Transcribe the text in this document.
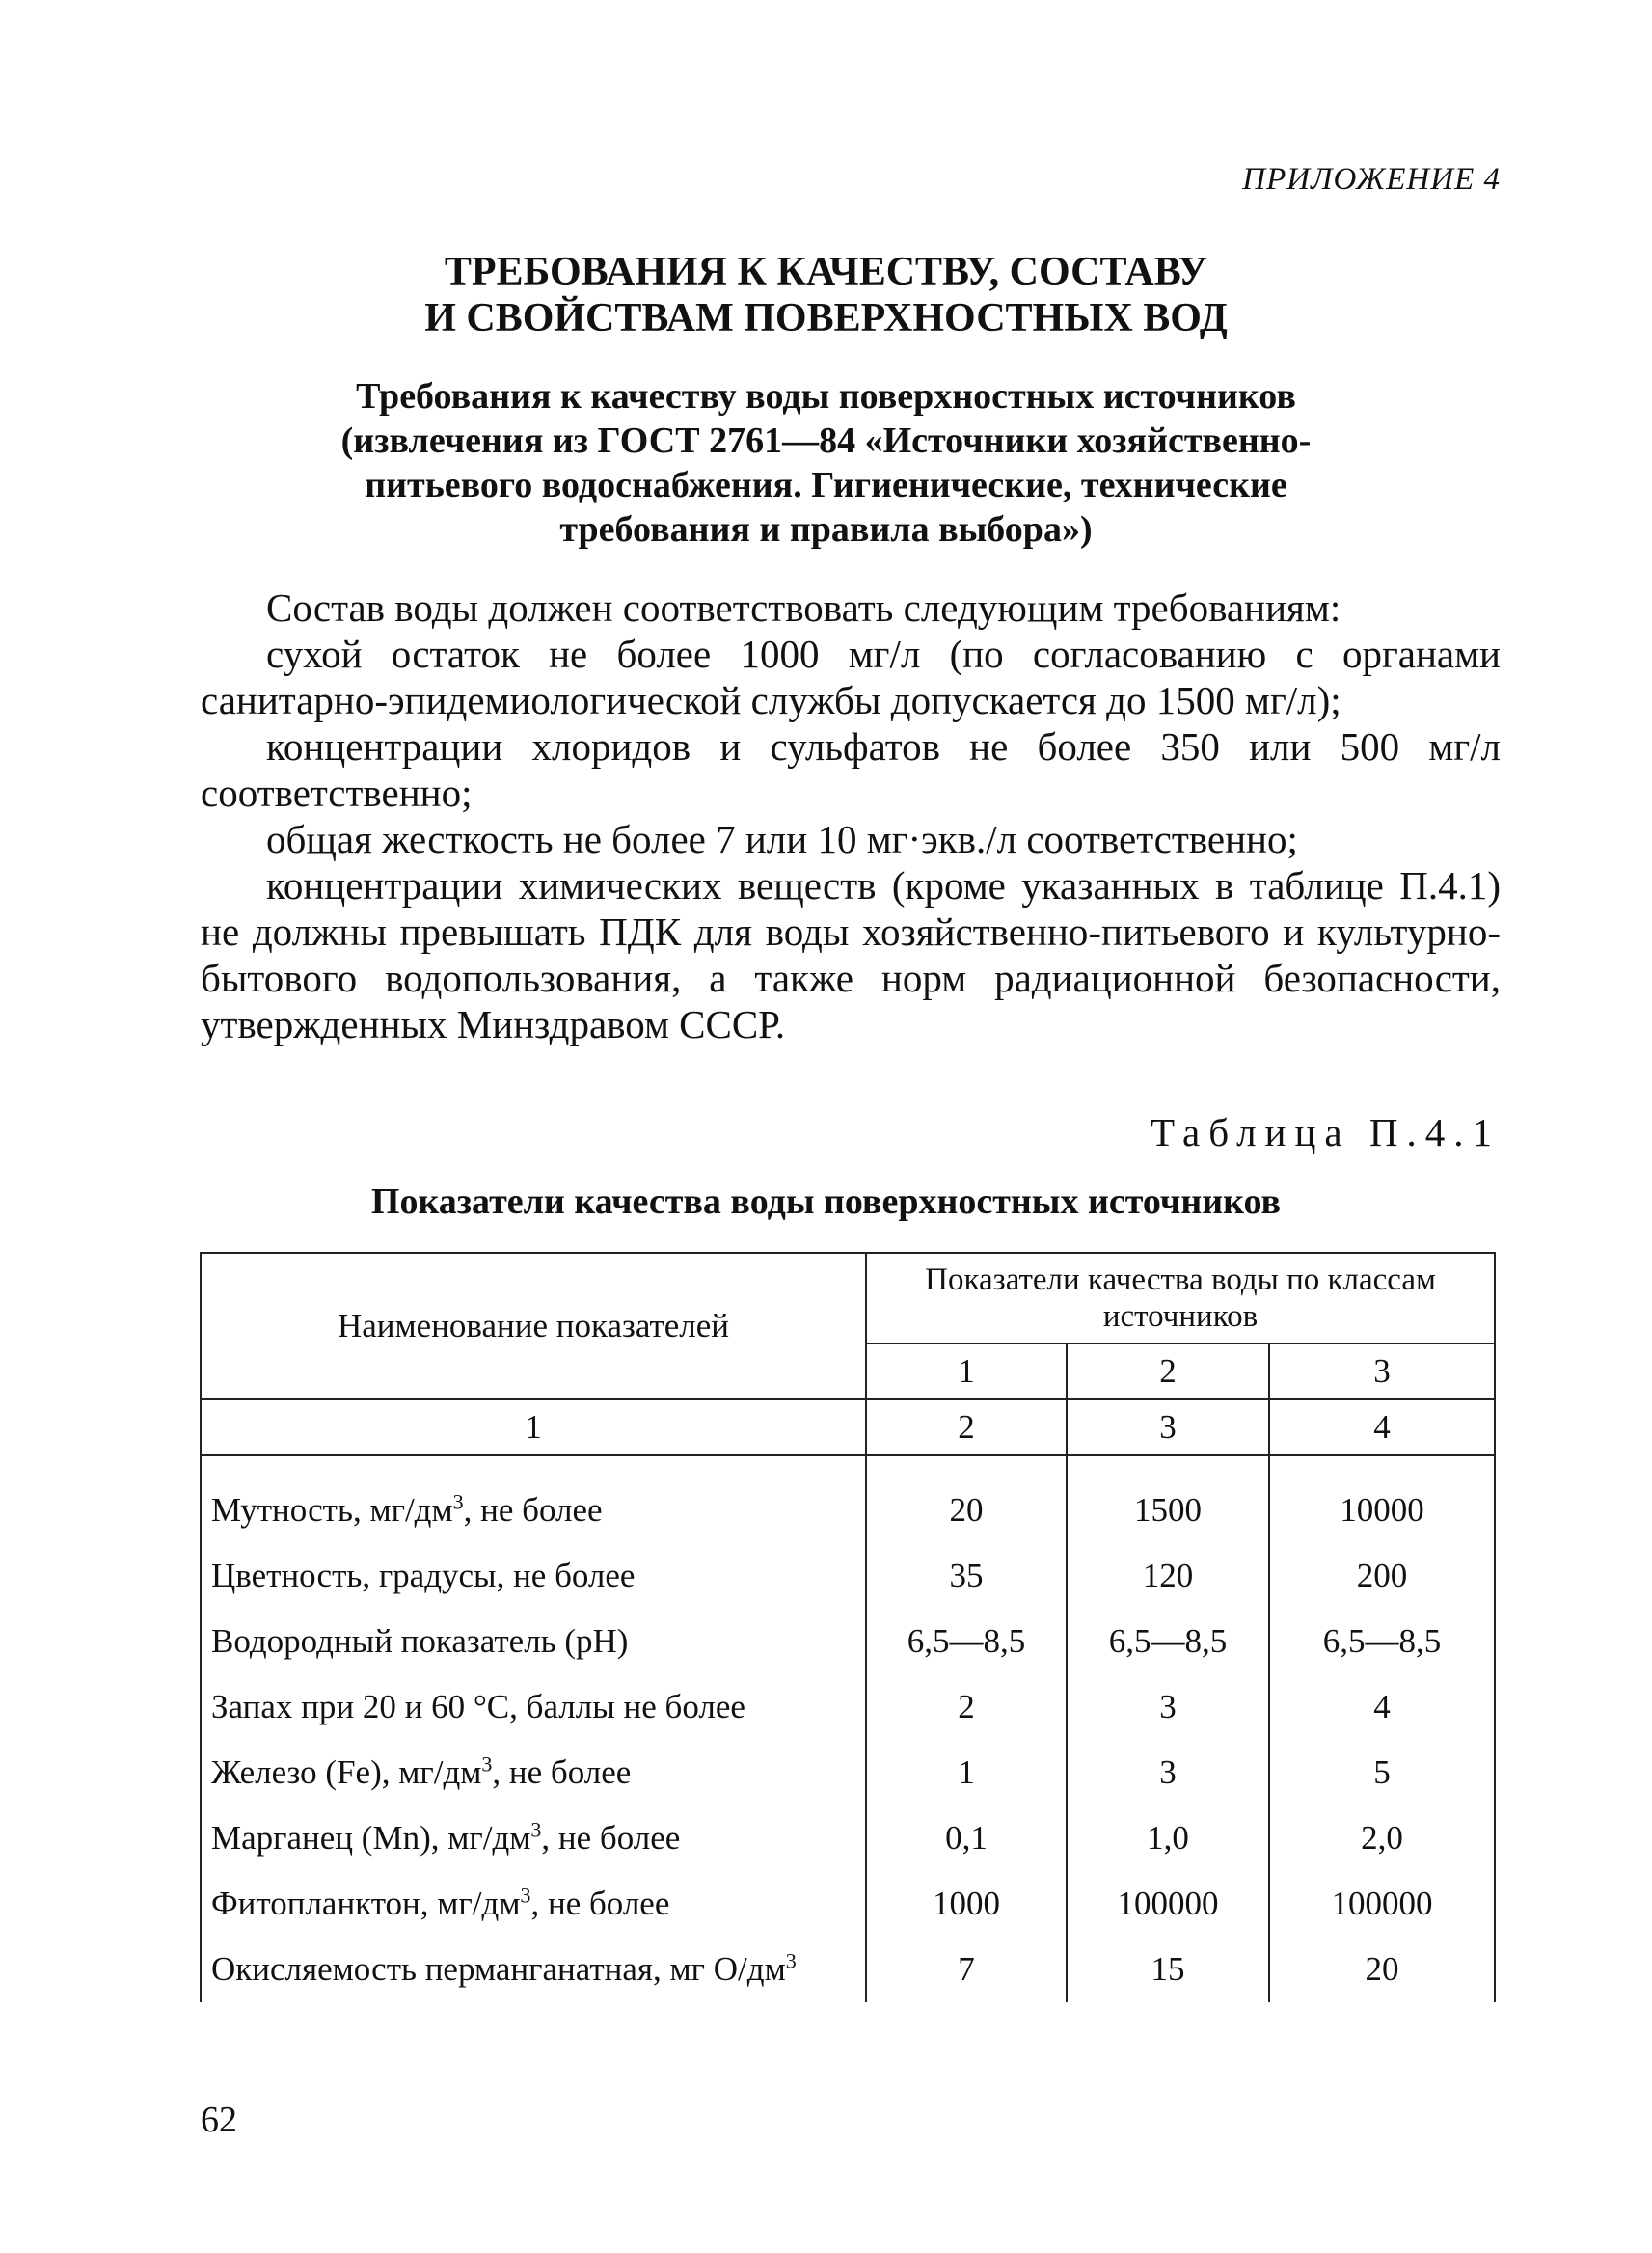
ПРИЛОЖЕНИЕ 4
ТРЕБОВАНИЯ К КАЧЕСТВУ, СОСТАВУ
И СВОЙСТВАМ ПОВЕРХНОСТНЫХ ВОД
Требования к качеству воды поверхностных источников
(извлечения из ГОСТ 2761—84 «Источники хозяйственно-
питьевого водоснабжения. Гигиенические, технические
требования и правила выбора»)

Состав воды должен соответствовать следующим требованиям:

сухой остаток не более 1000 мг/л (по согласованию с органами санитарно-эпидемиологической службы допускается до 1500 мг/л);

концентрации хлоридов и сульфатов не более 350 или 500 мг/л соответственно;

общая жесткость не более 7 или 10 мг·экв./л соответственно;

концентрации химических веществ (кроме указанных в таблице П.4.1) не должны превышать ПДК для воды хозяйственно-питьевого и культурно-бытового водопользования, а также норм радиационной безопасности, утвержденных Минздравом СССР.

Таблица П.4.1
Показатели качества воды поверхностных источников
Наименование показателей	Показатели качества воды по классам источников		
	1	2	3
1	2	3	4

Мутность, $мг/дм^3$, не более	20	1500	10000
Цветность, градусы, не более	35	120	200
Водородный показатель (pH)	6,5—8,5	6,5—8,5	6,5—8,5
Запах при 20 и 60 °С, баллы не более	2	3	4
Железо (Fe), $мг/дм^3$, не более	1	3	5
Марганец (Mn), $мг/дм^3$, не более	0,1	1,0	2,0
Фитопланктон, $мг/дм^3$, не более	1000	100000	100000
Окисляемость перманганатная, мг $О/дм^3$	7	15	20
62
